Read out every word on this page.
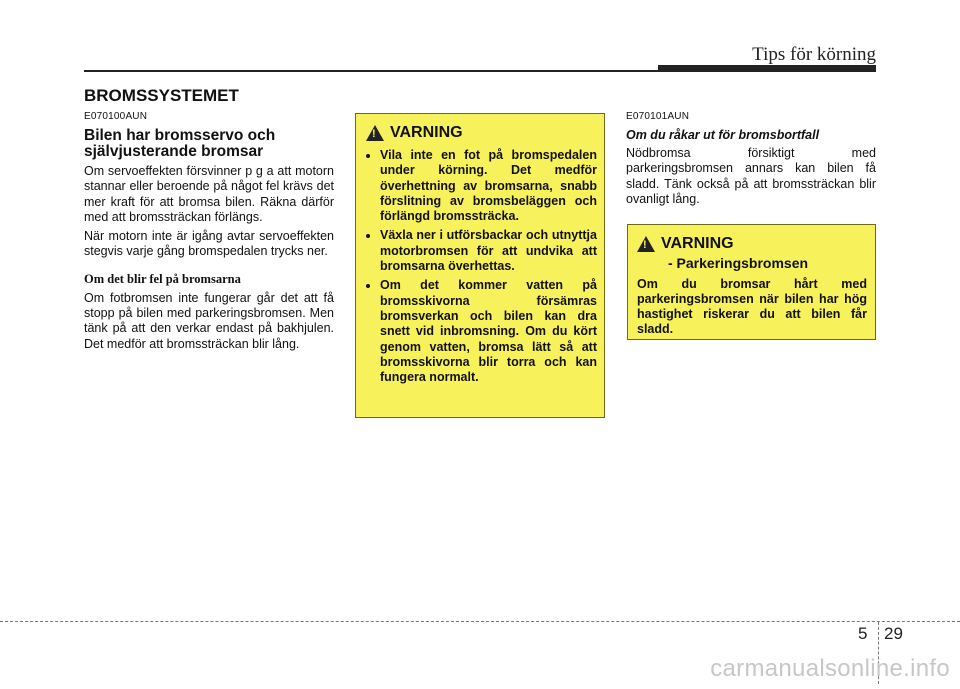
Tips för körning
BROMSSYSTEMET

E070100AUN

Bilen har bromsservo och självjusterande bromsar

Om servoeffekten försvinner p g a att motorn stannar eller beroende på något fel krävs det mer kraft för att bromsa bilen. Räkna därför med att bromssträckan förlängs.

När motorn inte är igång avtar servoeffekten stegvis varje gång bromspedalen trycks ner.

Om det blir fel på bromsarna

Om fotbromsen inte fungerar går det att få stopp på bilen med parkeringsbromsen. Men tänk på att den verkar endast på bakhjulen. Det medför att bromssträckan blir lång.

!
VARNING
• Vila inte en fot på bromspedalen under körning. Det medför överhettning av bromsarna, snabb förslitning av bromsbeläggen och förlängd bromssträcka.
• Växla ner i utförsbackar och utnyttja motorbromsen för att undvika att bromsarna överhettas.
• Om det kommer vatten på bromsskivorna försämras bromsverkan och bilen kan dra snett vid inbromsning. Om du kört genom vatten, bromsa lätt så att bromsskivorna blir torra och kan fungera normalt.

E070101AUN

Om du råkar ut för bromsbortfall

Nödbromsa försiktigt med parkeringsbromsen annars kan bilen få sladd. Tänk också på att bromssträckan blir ovanligt lång.

!
VARNING
- Parkeringsbromsen
Om du bromsar hårt med parkeringsbromsen när bilen har hög hastighet riskerar du att bilen får sladd.
5 29
carmanualsonline.info
